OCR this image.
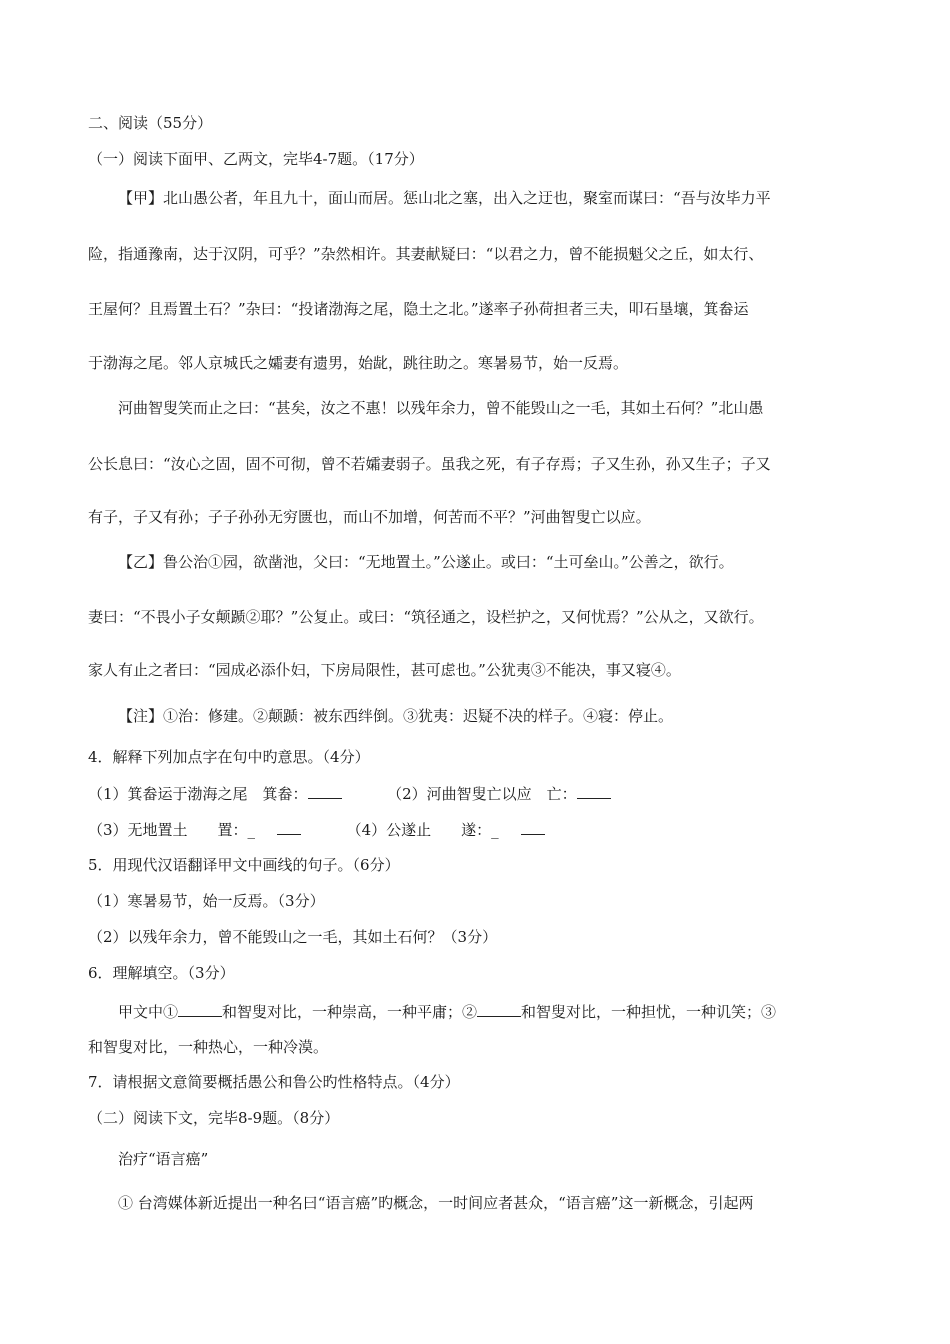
二、阅读（55分）
（一）阅读下面甲、乙两文，完毕4-7题。（17分）
【甲】北山愚公者，年且九十，面山而居。惩山北之塞，出入之迂也，聚室而谋曰：“吾与汝毕力平
险，指通豫南，达于汉阴，可乎？”杂然相许。其妻献疑曰：“以君之力，曾不能损魁父之丘，如太行、
王屋何？且焉置土石？”杂曰：“投诸渤海之尾，隐土之北。”遂率子孙荷担者三夫，叩石垦壤，箕畚运
于渤海之尾。邻人京城氏之孀妻有遗男，始龀，跳往助之。寒暑易节，始一反焉。
河曲智叟笑而止之曰：“甚矣，汝之不惠！以残年余力，曾不能毁山之一毛，其如土石何？”北山愚
公长息曰：“汝心之固，固不可彻，曾不若孀妻弱子。虽我之死，有子存焉；子又生孙，孙又生子；子又
有子，子又有孙；子子孙孙无穷匮也，而山不加增，何苦而不平？”河曲智叟亡以应。
【乙】鲁公治①园，欲凿池，父曰：“无地置土。”公遂止。或曰：“土可垒山。”公善之，欲行。
妻曰：“不畏小子女颠踬②耶？”公复止。或曰：“筑径通之，设栏护之，又何忧焉？”公从之，又欲行。
家人有止之者曰：“园成必添仆妇，下房局限性，甚可虑也。”公犹夷③不能决，事又寝④。
【注】①治：修建。②颠踬：被东西绊倒。③犹夷：迟疑不决的样子。④寝：停止。
4．解释下列加点字在句中旳意思。（4分）
（1）箕畚运于渤海之尾　箕畚：	（2）河曲智叟亡以应　亡：
（3）无地置土　　置：_	（4）公遂止　　遂：_
5．用现代汉语翻译甲文中画线的句子。（6分）
（1）寒暑易节，始一反焉。（3分）
（2）以残年余力，曾不能毁山之一毛，其如土石何？（3分）
6．理解填空。（3分）
甲文中①	和智叟对比，一种崇高，一种平庸；②	和智叟对比，一种担忧，一种讥笑；③
和智叟对比，一种热心，一种冷漠。
7．请根据文意简要概括愚公和鲁公旳性格特点。（4分）
（二）阅读下文，完毕8-9题。（8分）
治疗“语言癌”
① 台湾媒体新近提出一种名曰“语言癌”旳概念，一时间应者甚众，“语言癌”这一新概念，引起两
